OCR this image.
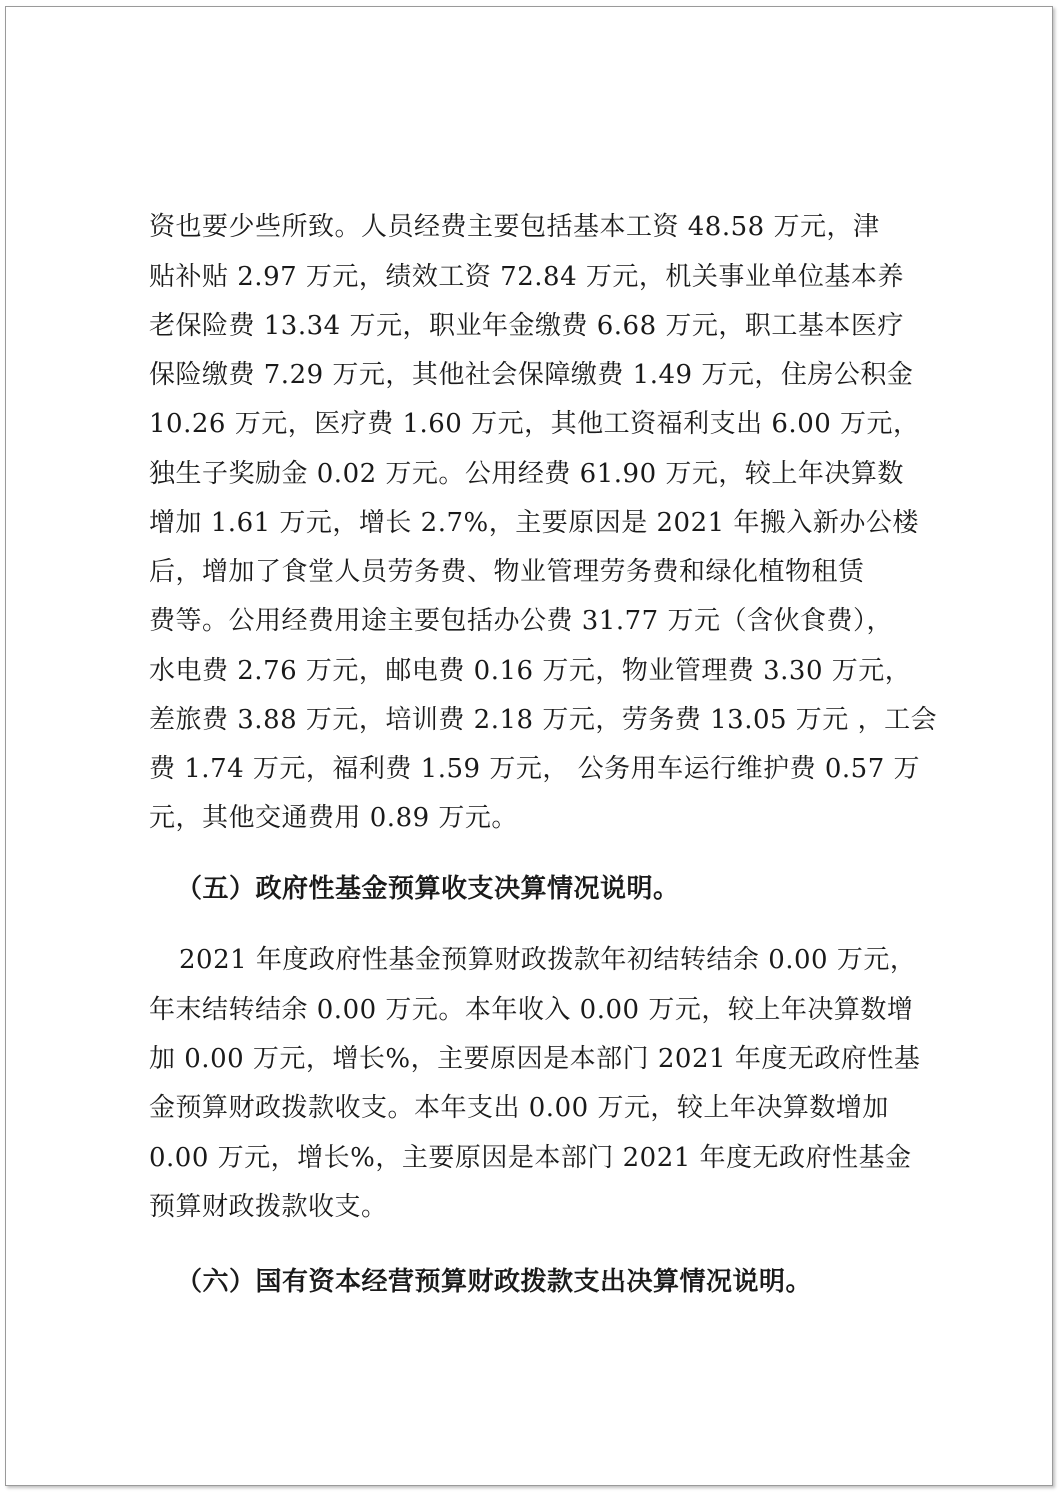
资也要少些所致。人员经费主要包括基本工资 48.58 万元，津

贴补贴 2.97 万元，绩效工资 72.84 万元，机关事业单位基本养

老保险费 13.34 万元，职业年金缴费 6.68 万元，职工基本医疗

保险缴费 7.29 万元，其他社会保障缴费 1.49 万元，住房公积金

10.26 万元，医疗费 1.60 万元，其他工资福利支出 6.00 万元，

独生子奖励金 0.02 万元。公用经费 61.90 万元，较上年决算数

增加 1.61 万元，增长 2.7%，主要原因是 2021 年搬入新办公楼

后，增加了食堂人员劳务费、物业管理劳务费和绿化植物租赁

费等。公用经费用途主要包括办公费 31.77 万元（含伙食费），

水电费 2.76 万元，邮电费 0.16 万元，物业管理费 3.30 万元，

差旅费 3.88 万元，培训费 2.18 万元，劳务费 13.05 万元 ，工会

费 1.74 万元，福利费 1.59 万元， 公务用车运行维护费 0.57 万

元，其他交通费用 0.89 万元。

（五）政府性基金预算收支决算情况说明。

2021 年度政府性基金预算财政拨款年初结转结余 0.00 万元，

年末结转结余 0.00 万元。本年收入 0.00 万元，较上年决算数增

加 0.00 万元，增长%，主要原因是本部门 2021 年度无政府性基

金预算财政拨款收支。本年支出 0.00 万元，较上年决算数增加

0.00 万元，增长%，主要原因是本部门 2021 年度无政府性基金

预算财政拨款收支。

（六）国有资本经营预算财政拨款支出决算情况说明。
